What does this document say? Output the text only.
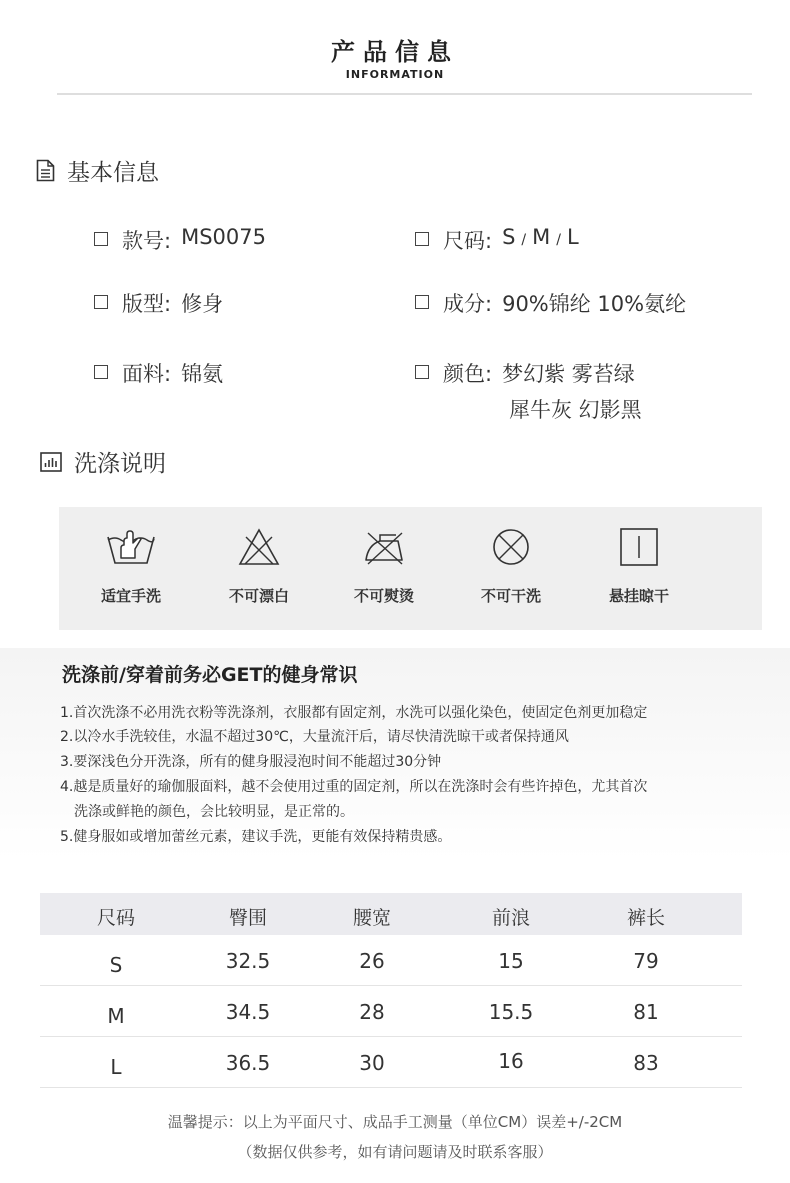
产品信息
INFORMATION
基本信息
款号: MS0075	尺码: S / M / L
版型: 修身	成分: 90%锦纶 10%氨纶
面料: 锦氨	颜色: 梦幻紫 雾苔绿
犀牛灰 幻影黑
洗涤说明
适宜手洗	不可漂白	不可熨烫	不可干洗	悬挂晾干
洗涤前/穿着前务必GET的健身常识
1.首次洗涤不必用洗衣粉等洗涤剂，衣服都有固定剂，水洗可以强化染色，使固定色剂更加稳定
2.以冷水手洗较佳，水温不超过30℃，大量流汗后，请尽快清洗晾干或者保持通风
3.要深浅色分开洗涤，所有的健身服浸泡时间不能超过30分钟
4.越是质量好的瑜伽服面料，越不会使用过重的固定剂，所以在洗涤时会有些许掉色，尤其首次
洗涤或鲜艳的颜色，会比较明显，是正常的。
5.健身服如或增加蕾丝元素，建议手洗，更能有效保持精贵感。
尺码	臀围	腰宽	前浪	裤长
S	32.5	26	15	79
M	34.5	28	15.5	81
L	36.5	30	16	83
温馨提示：以上为平面尺寸、成品手工测量（单位CM）误差+/-2CM
（数据仅供参考，如有请问题请及时联系客服）
